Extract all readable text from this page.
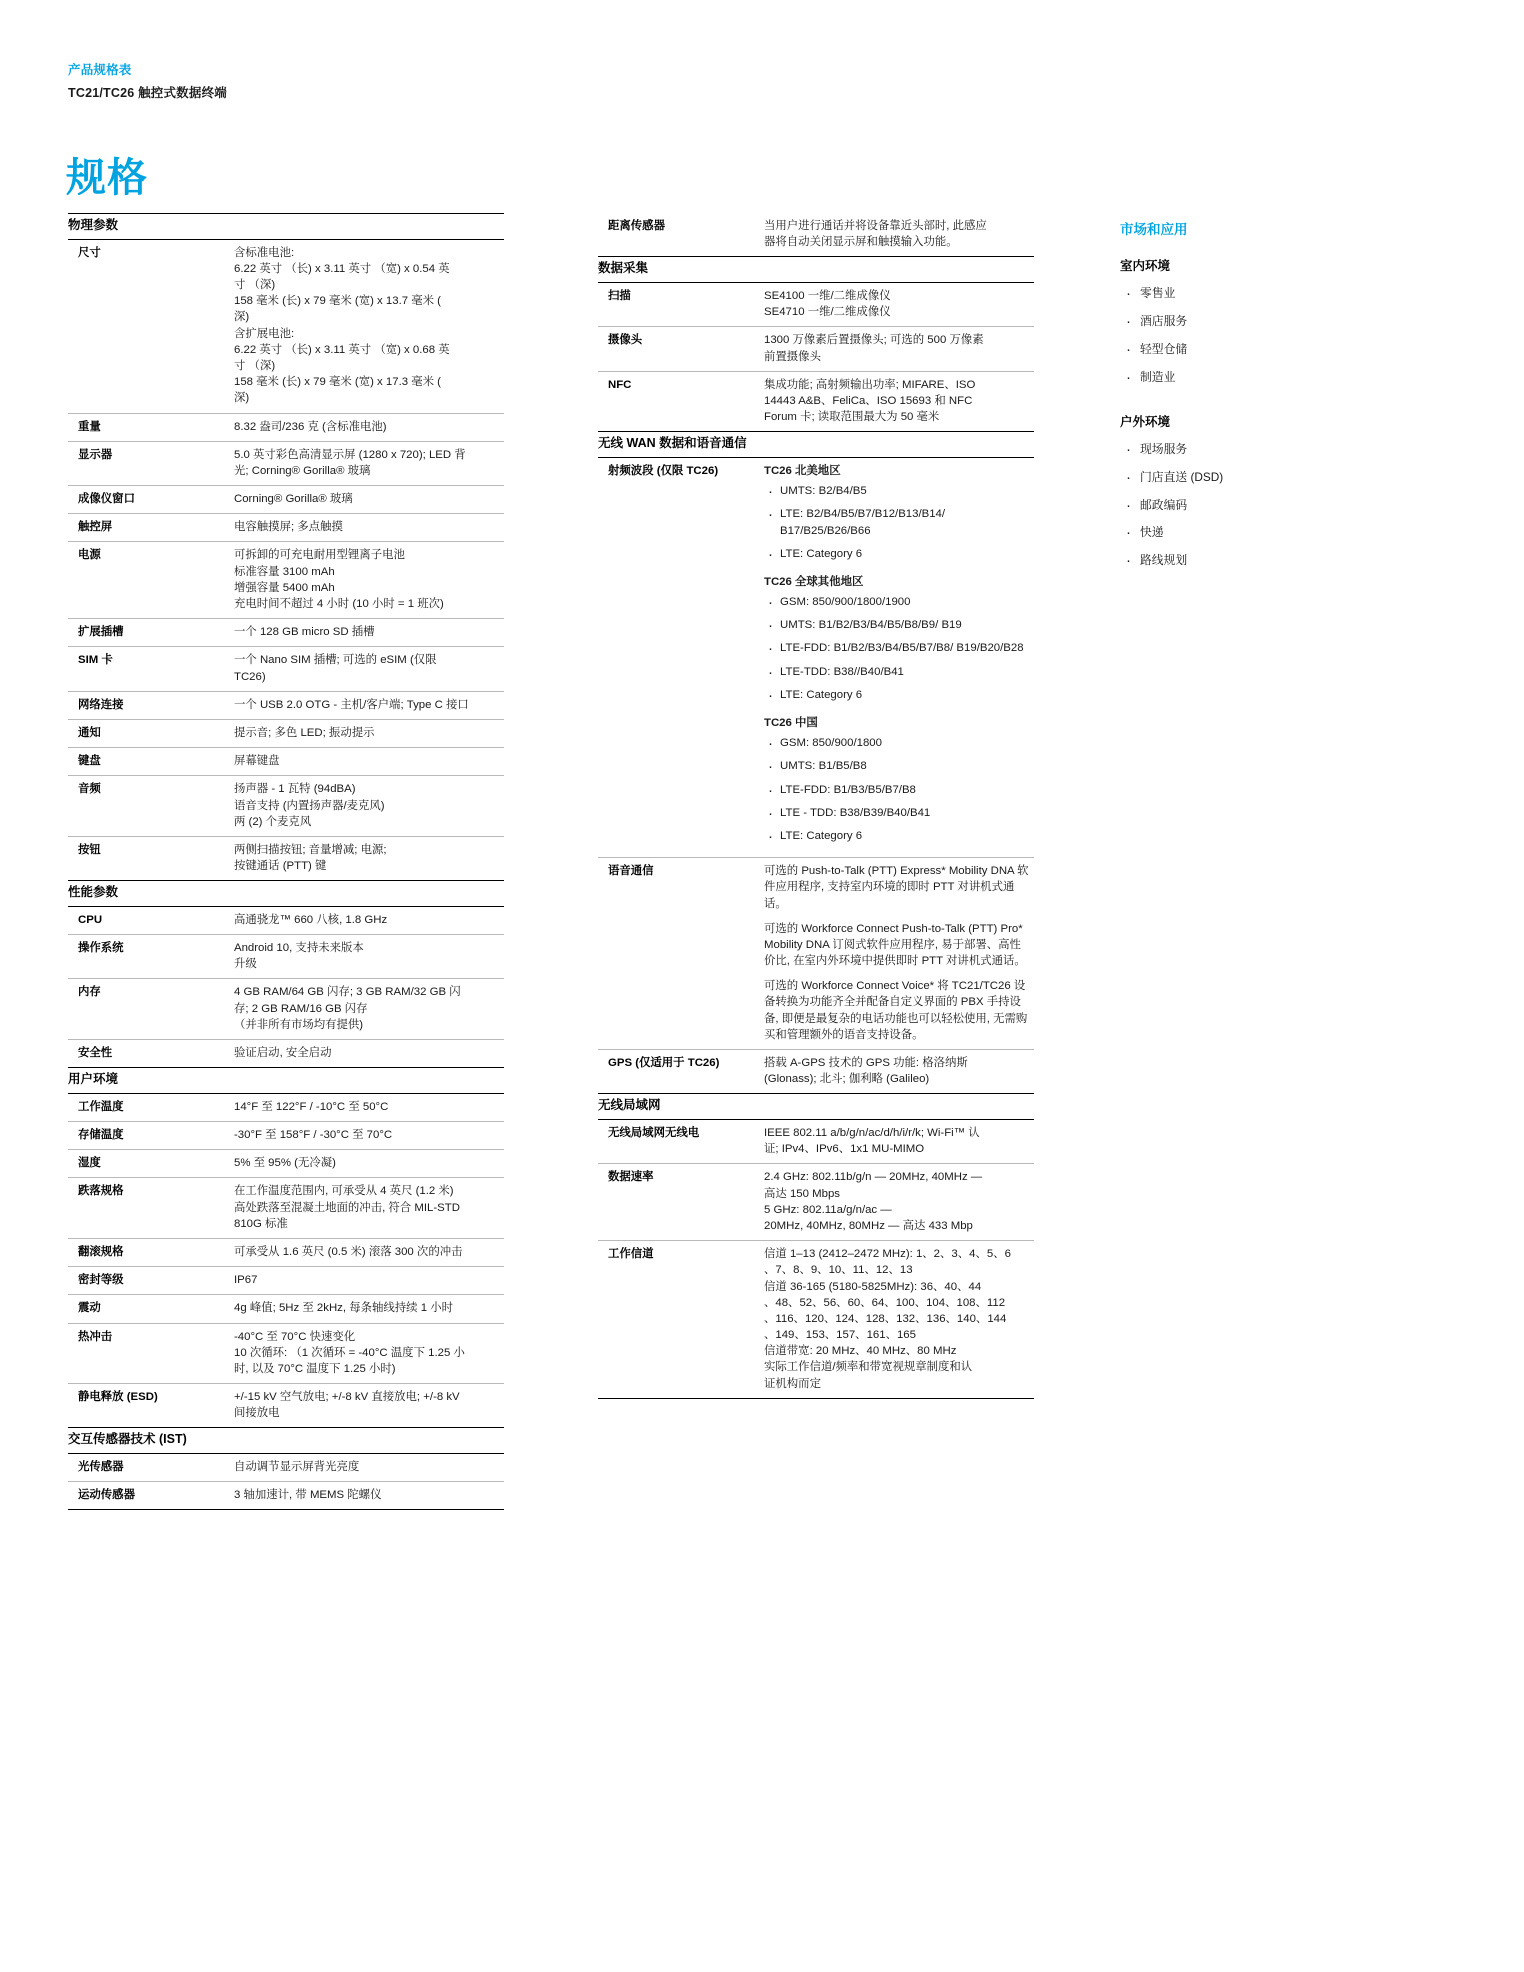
产品规格表
TC21/TC26 触控式数据终端
规格
物理参数
尺寸	含标准电池:
6.22 英寸 （长) x 3.11 英寸 （宽) x 0.54 英
寸 （深)
158 毫米 (长) x 79 毫米 (宽) x 13.7 毫米 (
深)
含扩展电池:
6.22 英寸 （长) x 3.11 英寸 （宽) x 0.68 英
寸 （深)
158 毫米 (长) x 79 毫米 (宽) x 17.3 毫米 (
深)

重量	8.32 盎司/236 克 (含标准电池)

显示器	5.0 英寸彩色高清显示屏 (1280 x 720); LED 背
光; Corning® Gorilla® 玻璃

成像仪窗口	Corning® Gorilla® 玻璃

触控屏	电容触摸屏; 多点触摸

电源	可拆卸的可充电耐用型锂离子电池
标准容量 3100 mAh
增强容量 5400 mAh
充电时间不超过 4 小时 (10 小时 = 1 班次)

扩展插槽	一个 128 GB micro SD 插槽

SIM 卡	一个 Nano SIM 插槽; 可选的 eSIM (仅限
TC26)

网络连接	一个 USB 2.0 OTG - 主机/客户端; Type C 接口

通知	提示音; 多色 LED; 振动提示

键盘	屏幕键盘

音频	扬声器 - 1 瓦特 (94dBA)
语音支持 (内置扬声器/麦克风)
两 (2) 个麦克风

按钮	两侧扫描按钮; 音量增减; 电源;
按键通话 (PTT) 键
性能参数
CPU	高通骁龙™ 660 八核, 1.8 GHz

操作系统	Android 10, 支持未来版本
升级

内存	4 GB RAM/64 GB 闪存; 3 GB RAM/32 GB 闪
存; 2 GB RAM/16 GB 闪存
（并非所有市场均有提供)

安全性	验证启动, 安全启动
用户环境
工作温度	14°F 至 122°F / -10°C 至 50°C

存储温度	-30°F 至 158°F / -30°C 至 70°C

湿度	5% 至 95% (无冷凝)

跌落规格	在工作温度范围内, 可承受从 4 英尺 (1.2 米)
高处跌落至混凝土地面的冲击, 符合 MIL-STD
810G 标准

翻滚规格	可承受从 1.6 英尺 (0.5 米) 滚落 300 次的冲击

密封等级	IP67

震动	4g 峰值; 5Hz 至 2kHz, 每条轴线持续 1 小时

热冲击	-40°C 至 70°C 快速变化
10 次循环: （1 次循环 = -40°C 温度下 1.25 小
时, 以及 70°C 温度下 1.25 小时)

静电释放 (ESD)	+/-15 kV 空气放电; +/-8 kV 直接放电; +/-8 kV
间接放电
交互传感器技术 (IST)
光传感器	自动调节显示屏背光亮度

运动传感器	3 轴加速计, 带 MEMS 陀螺仪
距离传感器	当用户进行通话并将设备靠近头部时, 此感应
器将自动关闭显示屏和触摸输入功能。
数据采集
扫描	SE4100 一维/二维成像仪
SE4710 一维/二维成像仪

摄像头	1300 万像素后置摄像头; 可选的 500 万像素
前置摄像头

NFC	集成功能; 高射频输出功率; MIFARE、ISO
14443 A&B、FeliCa、ISO 15693 和 NFC
Forum 卡; 读取范围最大为 50 毫米
无线 WAN 数据和语音通信
射频波段 (仅限 TC26)	TC26 北美地区
· UMTS: B2/B4/B5
· LTE: B2/B4/B5/B7/B12/B13/B14/ B17/B25/B26/B66
· LTE: Category 6
TC26 全球其他地区
· GSM: 850/900/1800/1900
· UMTS: B1/B2/B3/B4/B5/B8/B9/ B19
· LTE-FDD: B1/B2/B3/B4/B5/B7/B8/ B19/B20/B28
· LTE-TDD: B38//B40/B41
· LTE: Category 6
TC26 中国
· GSM: 850/900/1800
· UMTS: B1/B5/B8
· LTE-FDD: B1/B3/B5/B7/B8
· LTE - TDD: B38/B39/B40/B41
· LTE: Category 6

语音通信	可选的 Push-to-Talk (PTT) Express* Mobility DNA 软件应用程序, 支持室内环境的即时 PTT 对讲机式通话。

可选的 Workforce Connect Push-to-Talk (PTT) Pro* Mobility DNA 订阅式软件应用程序, 易于部署、高性价比, 在室内外环境中提供即时 PTT 对讲机式通话。

可选的 Workforce Connect Voice* 将 TC21/TC26 设备转换为功能齐全并配备自定义界面的 PBX 手持设备, 即便是最复杂的电话功能也可以轻松使用, 无需购买和管理额外的语音支持设备。

GPS (仅适用于 TC26)	搭载 A-GPS 技术的 GPS 功能: 格洛纳斯
(Glonass); 北斗; 伽利略 (Galileo)
无线局域网
无线局域网无线电	IEEE 802.11 a/b/g/n/ac/d/h/i/r/k; Wi-Fi™ 认
证; IPv4、IPv6、1x1 MU-MIMO

数据速率	2.4 GHz: 802.11b/g/n — 20MHz, 40MHz —
高达 150 Mbps
5 GHz: 802.11a/g/n/ac —
20MHz, 40MHz, 80MHz — 高达 433 Mbp

工作信道	信道 1–13 (2412–2472 MHz): 1、2、3、4、5、6
、7、8、9、10、11、12、13
信道 36-165 (5180-5825MHz): 36、40、44
、48、52、56、60、64、100、104、108、112
、116、120、124、128、132、136、140、144
、149、153、157、161、165
信道带宽: 20 MHz、40 MHz、80 MHz
实际工作信道/频率和带宽视规章制度和认
证机构而定
市场和应用
室内环境
· 零售业
· 酒店服务
· 轻型仓储
· 制造业
户外环境
· 现场服务
· 门店直送 (DSD)
· 邮政编码
· 快递
· 路线规划
